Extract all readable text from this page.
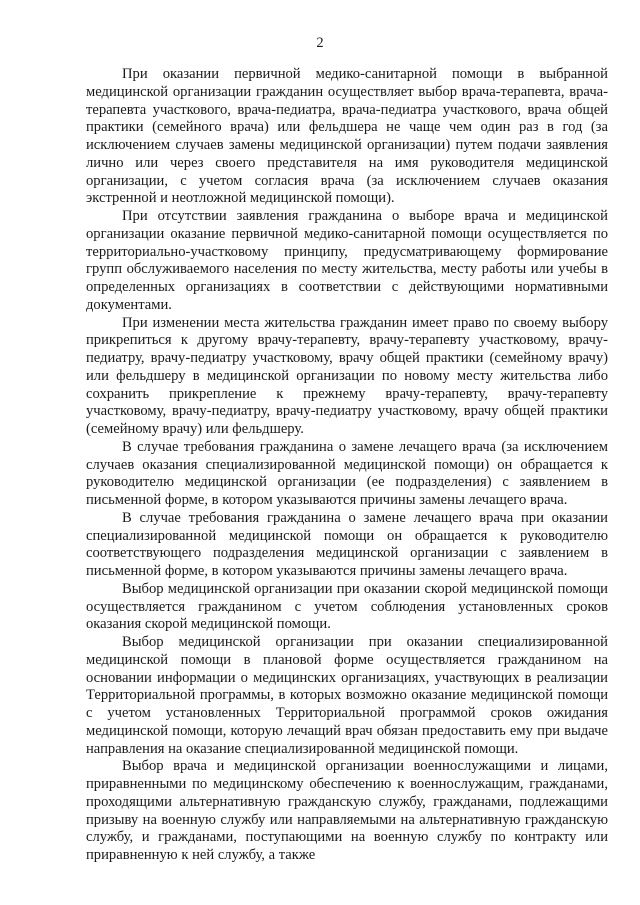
2

При оказании первичной медико-санитарной помощи в выбранной медицинской организации гражданин осуществляет выбор врача-терапевта, врача-терапевта участкового, врача-педиатра, врача-педиатра участкового, врача общей практики (семейного врача) или фельдшера не чаще чем один раз в год (за исключением случаев замены медицинской организации) путем подачи заявления лично или через своего представителя на имя руководителя медицинской организации, с учетом согласия врача (за исключением случаев оказания экстренной и неотложной медицинской помощи).

При отсутствии заявления гражданина о выборе врача и медицинской организации оказание первичной медико-санитарной помощи осуществляется по территориально-участковому принципу, предусматривающему формирование групп обслуживаемого населения по месту жительства, месту работы или учебы в определенных организациях в соответствии с действующими нормативными документами.

При изменении места жительства гражданин имеет право по своему выбору прикрепиться к другому врачу-терапевту, врачу-терапевту участковому, врачу-педиатру, врачу-педиатру участковому, врачу общей практики (семейному врачу) или фельдшеру в медицинской организации по новому месту жительства либо сохранить прикрепление к прежнему врачу-терапевту, врачу-терапевту участковому, врачу-педиатру, врачу-педиатру участковому, врачу общей практики (семейному врачу) или фельдшеру.

В случае требования гражданина о замене лечащего врача (за исключением случаев оказания специализированной медицинской помощи) он обращается к руководителю медицинской организации (ее подразделения) с заявлением в письменной форме, в котором указываются причины замены лечащего врача.

В случае требования гражданина о замене лечащего врача при оказании специализированной медицинской помощи он обращается к руководителю соответствующего подразделения медицинской организации с заявлением в письменной форме, в котором указываются причины замены лечащего врача.

Выбор медицинской организации при оказании скорой медицинской помощи осуществляется гражданином с учетом соблюдения установленных сроков оказания скорой медицинской помощи.

Выбор медицинской организации при оказании специализированной медицинской помощи в плановой форме осуществляется гражданином на основании информации о медицинских организациях, участвующих в реализации Территориальной программы, в которых возможно оказание медицинской помощи с учетом установленных Территориальной программой сроков ожидания медицинской помощи, которую лечащий врач обязан предоставить ему при выдаче направления на оказание специализированной медицинской помощи.

Выбор врача и медицинской организации военнослужащими и лицами, приравненными по медицинскому обеспечению к военнослужащим, гражданами, проходящими альтернативную гражданскую службу, гражданами, подлежащими призыву на военную службу или направляемыми на альтернативную гражданскую службу, и гражданами, поступающими на военную службу по контракту или приравненную к ней службу, а также
